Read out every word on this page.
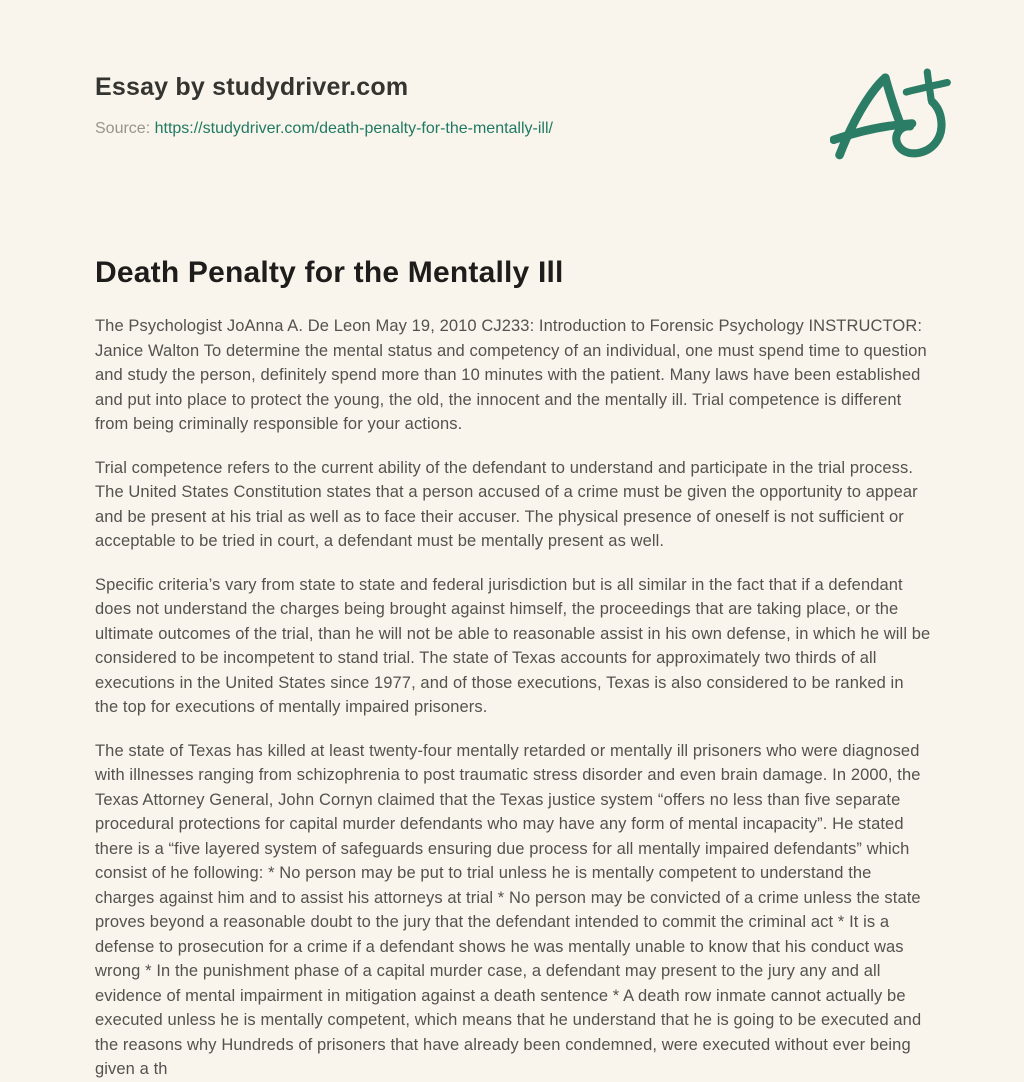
Essay by studydriver.com
Source: https://studydriver.com/death-penalty-for-the-mentally-ill/
Death Penalty for the Mentally Ill

The Psychologist JoAnna A. De Leon May 19, 2010 CJ233: Introduction to Forensic Psychology INSTRUCTOR: Janice Walton To determine the mental status and competency of an individual, one must spend time to question and study the person, definitely spend more than 10 minutes with the patient. Many laws have been established and put into place to protect the young, the old, the innocent and the mentally ill. Trial competence is different from being criminally responsible for your actions.

Trial competence refers to the current ability of the defendant to understand and participate in the trial process. The United States Constitution states that a person accused of a crime must be given the opportunity to appear and be present at his trial as well as to face their accuser. The physical presence of oneself is not sufficient or acceptable to be tried in court, a defendant must be mentally present as well.

Specific criteria’s vary from state to state and federal jurisdiction but is all similar in the fact that if a defendant does not understand the charges being brought against himself, the proceedings that are taking place, or the ultimate outcomes of the trial, than he will not be able to reasonable assist in his own defense, in which he will be considered to be incompetent to stand trial. The state of Texas accounts for approximately two thirds of all executions in the United States since 1977, and of those executions, Texas is also considered to be ranked in the top for executions of mentally impaired prisoners.

The state of Texas has killed at least twenty-four mentally retarded or mentally ill prisoners who were diagnosed with illnesses ranging from schizophrenia to post traumatic stress disorder and even brain damage. In 2000, the Texas Attorney General, John Cornyn claimed that the Texas justice system “offers no less than five separate procedural protections for capital murder defendants who may have any form of mental incapacity”. He stated there is a “five layered system of safeguards ensuring due process for all mentally impaired defendants” which consist of he following: * No person may be put to trial unless he is mentally competent to understand the charges against him and to assist his attorneys at trial * No person may be convicted of a crime unless the state proves beyond a reasonable doubt to the jury that the defendant intended to commit the criminal act * It is a defense to prosecution for a crime if a defendant shows he was mentally unable to know that his conduct was wrong * In the punishment phase of a capital murder case, a defendant may present to the jury any and all evidence of mental impairment in mitigation against a death sentence * A death row inmate cannot actually be executed unless he is mentally competent, which means that he understand that he is going to be executed and the reasons why Hundreds of prisoners that have already been condemned, were executed without ever being given a th
